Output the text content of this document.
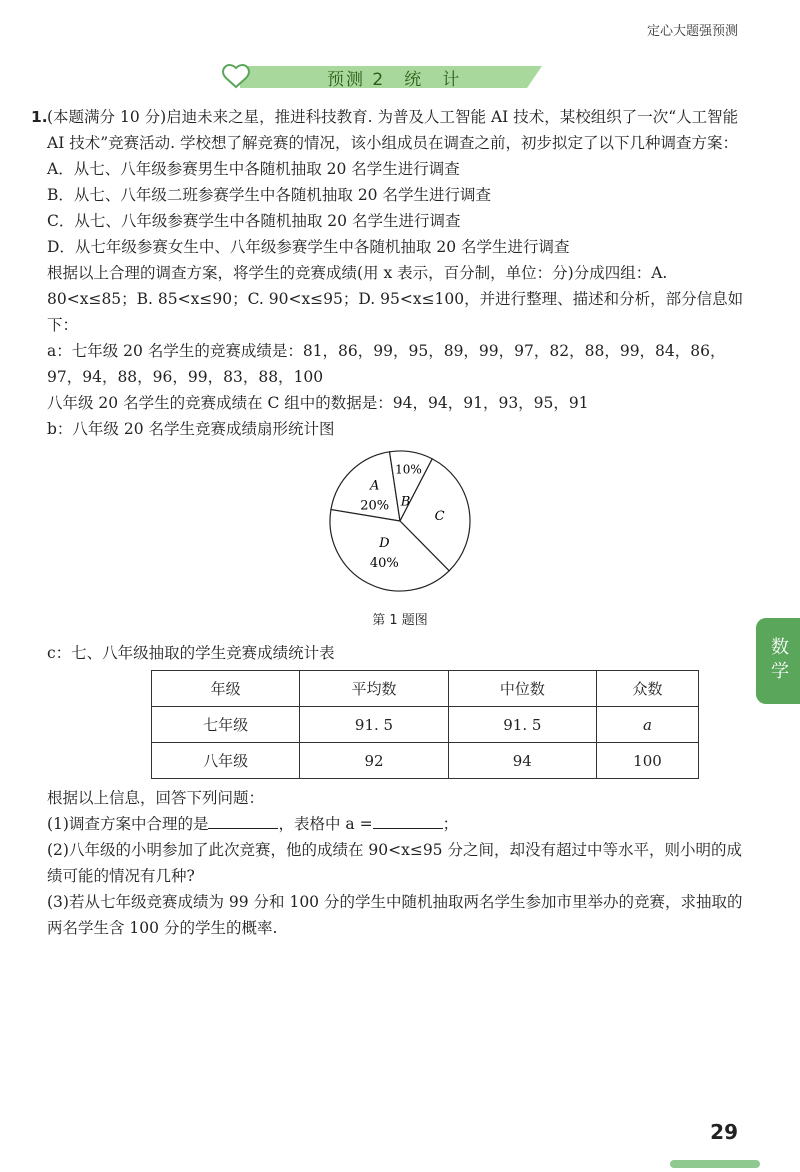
定心大题强预测
预测 2　统　计
数学
1. (本题满分 10 分)启迪未来之星，推进科技教育. 为普及人工智能 AI 技术，某校组织了一次“人工智能 AI 技术”竞赛活动. 学校想了解竞赛的情况，该小组成员在调查之前，初步拟定了以下几种调查方案：

A．从七、八年级参赛男生中各随机抽取 20 名学生进行调查

B．从七、八年级二班参赛学生中各随机抽取 20 名学生进行调查

C．从七、八年级参赛学生中各随机抽取 20 名学生进行调查

D．从七年级参赛女生中、八年级参赛学生中各随机抽取 20 名学生进行调查

根据以上合理的调查方案，将学生的竞赛成绩(用 x 表示，百分制，单位：分)分成四组：A. 80<x≤85；B. 85<x≤90；C. 90<x≤95；D. 95<x≤100，并进行整理、描述和分析，部分信息如下：

a：七年级 20 名学生的竞赛成绩是：81，86，99，95，89，99，97，82，88，99，84，86，97，94，88，96，99，83，88，100

八年级 20 名学生的竞赛成绩在 C 组中的数据是：94，94，91，93，95，91

b：八年级 20 名学生竞赛成绩扇形统计图

A
20% B
10%
C
D
40%
第 1 题图

c：七、八年级抽取的学生竞赛成绩统计表

年级	平均数	中位数	众数
七年级	91. 5	91. 5	a
八年级	92	94	100

根据以上信息，回答下列问题：

(1)调查方案中合理的是	，表格中 a =	；

(2)八年级的小明参加了此次竞赛，他的成绩在 90<x≤95 分之间，却没有超过中等水平，则小明的成绩可能的情况有几种?

(3)若从七年级竞赛成绩为 99 分和 100 分的学生中随机抽取两名学生参加市里举办的竞赛，求抽取的两名学生含 100 分的学生的概率.

29
